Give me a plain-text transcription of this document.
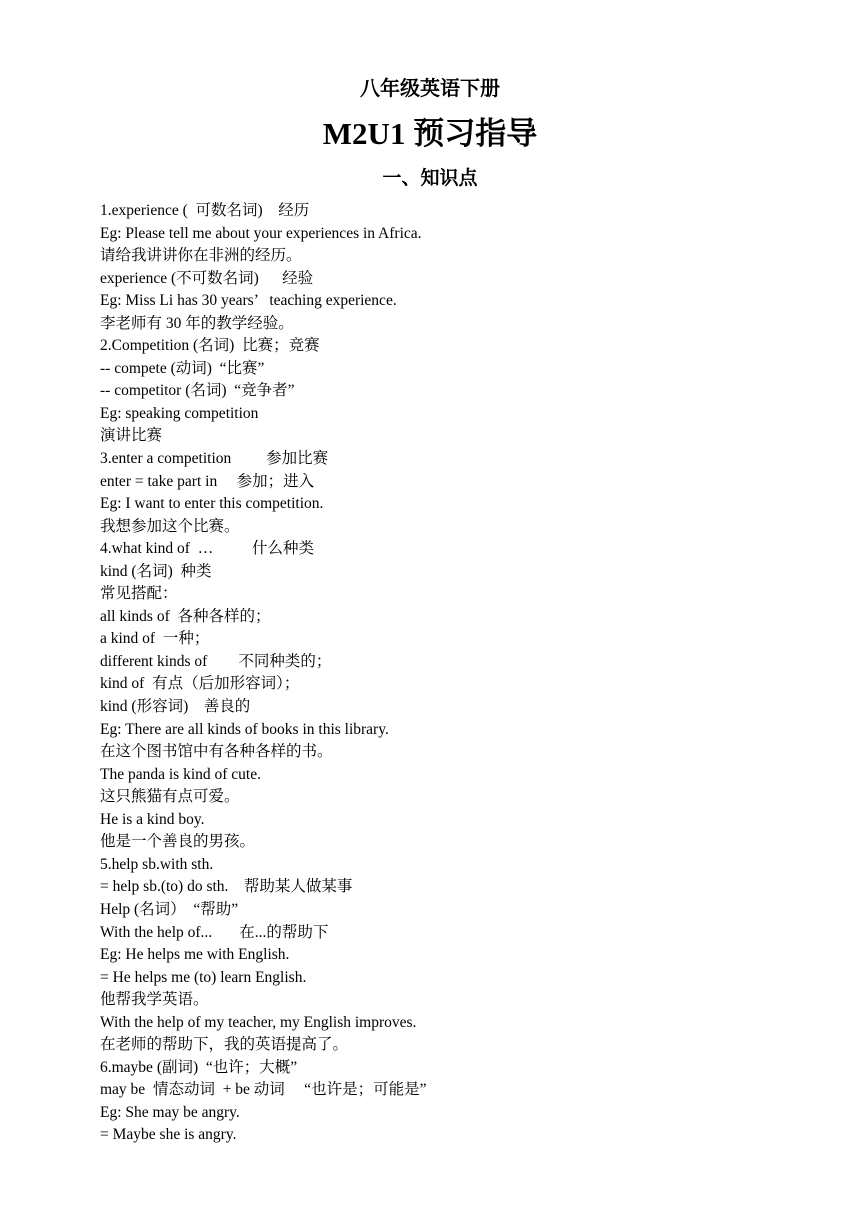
八年级英语下册
M2U1 预习指导
一、知识点
1.experience (  可数名词)    经历
Eg: Please tell me about your experiences in Africa.
请给我讲讲你在非洲的经历。
experience (不可数名词)      经验
Eg: Miss Li has 30 years’   teaching experience.
李老师有 30 年的教学经验。
2.Competition (名词)  比赛；竞赛
-- compete (动词)  “比赛”
-- competitor (名词)  “竞争者”
Eg: speaking competition
演讲比赛
3.enter a competition         参加比赛
enter = take part in     参加；进入
Eg: I want to enter this competition.
我想参加这个比赛。
4.what kind of  …          什么种类
kind (名词)  种类
常见搭配：
all kinds of  各种各样的；
a kind of  一种；
different kinds of        不同种类的；
kind of  有点（后加形容词）；
kind (形容词)    善良的
Eg: There are all kinds of books in this library.
在这个图书馆中有各种各样的书。
The panda is kind of cute.
这只熊猫有点可爱。
He is a kind boy.
他是一个善良的男孩。
5.help sb.with sth.
= help sb.(to) do sth.    帮助某人做某事
Help (名词）  “帮助”
With the help of...       在...的帮助下
Eg: He helps me with English.
= He helps me (to) learn English.
他帮我学英语。
With the help of my teacher, my English improves.
在老师的帮助下，我的英语提高了。
6.maybe (副词)  “也许；大概”
may be  情态动词  + be 动词     “也许是；可能是”
Eg: She may be angry.
= Maybe she is angry.
